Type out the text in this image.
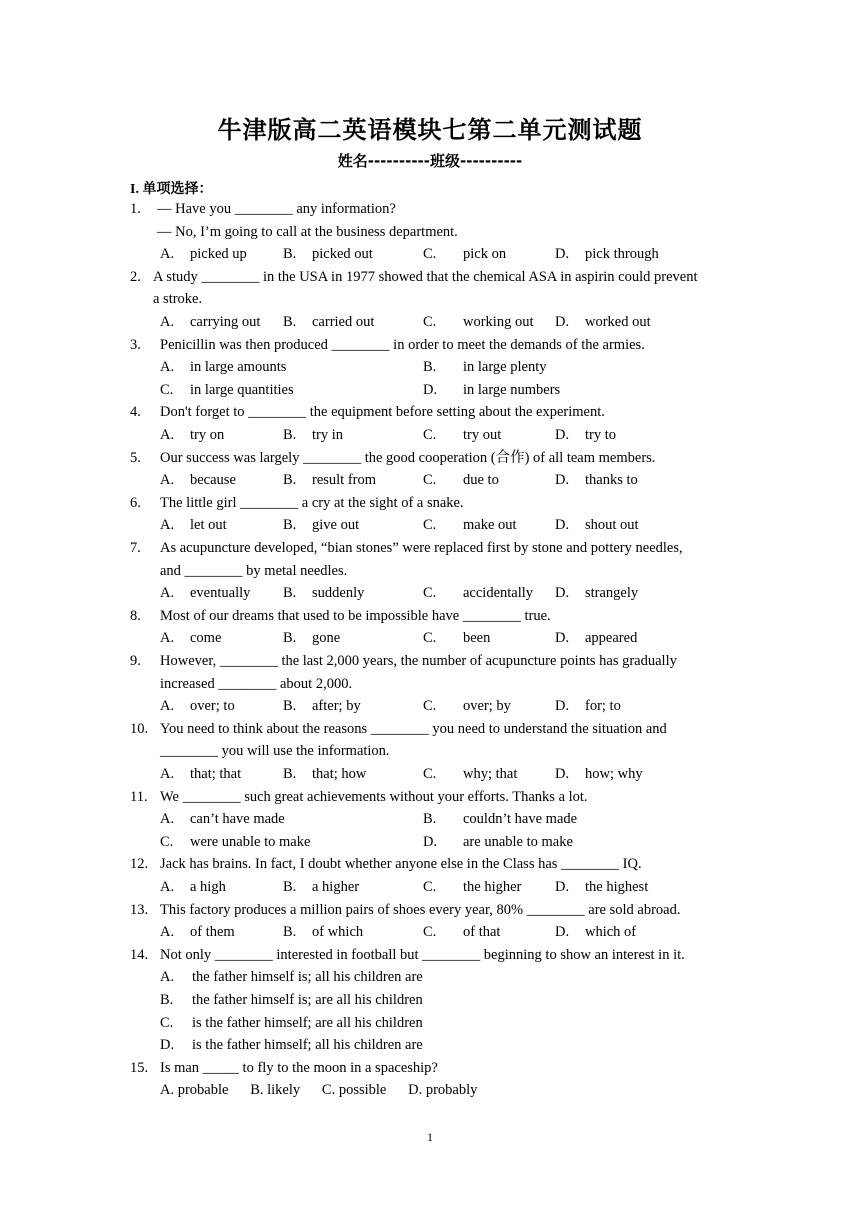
牛津版高二英语模块七第二单元测试题
姓名----------班级----------
I. 单项选择：
1. — Have you ________ any information?
— No, I’m going to call at the business department.
A. picked up B. picked out	C. pick on	D. pick through
2. A study ________ in the USA in 1977 showed that the chemical ASA in aspirin could prevent
a stroke.
A. carrying out B. carried out	C. working out D. worked out
3. Penicillin was then produced ________ in order to meet the demands of the armies.
A. in large amounts	B. in large plenty
C. in large quantities	D. in large numbers
4. Don't forget to ________ the equipment before setting about the experiment.
A. try on	B. try in	C. try out	D. try to
5. Our success was largely ________ the good cooperation (合作) of all team members.
A. because	B. result from	C. due to	D. thanks to
6. The little girl ________ a cry at the sight of a snake.
A. let out	B. give out	C. make out	D. shout out
7. As acupuncture developed, “bian stones” were replaced first by stone and pottery needles,
and ________ by metal needles.
A. eventually B. suddenly	C. accidentally D. strangely
8. Most of our dreams that used to be impossible have ________ true.
A. come	B. gone	C. been	D. appeared
9. However, ________ the last 2,000 years, the number of acupuncture points has gradually
increased ________ about 2,000.
A. over; to	B. after; by	C. over; by	D. for; to
10. You need to think about the reasons ________ you need to understand the situation and
________ you will use the information.
A. that; that	B. that; how	C. why; that	D. how; why
11. We ________ such great achievements without your efforts. Thanks a lot.
A. can’t have made	B. couldn’t have made
C. were unable to make	D. are unable to make
12. Jack has brains. In fact, I doubt whether anyone else in the Class has ________ IQ.
A. a high	B. a higher	C. the higher D. the highest
13. This factory produces a million pairs of shoes every year, 80% ________ are sold abroad.
A. of them	B. of which	C. of that	D. which of
14. Not only ________ interested in football but ________ beginning to show an interest in it.
A. the father himself is; all his children are
B. the father himself is; are all his children
C. is the father himself; are all his children
D. is the father himself; all his children are
15. Is man _____ to fly to the moon in a spaceship?
A. probable      B. likely      C. possible      D. probably
1
